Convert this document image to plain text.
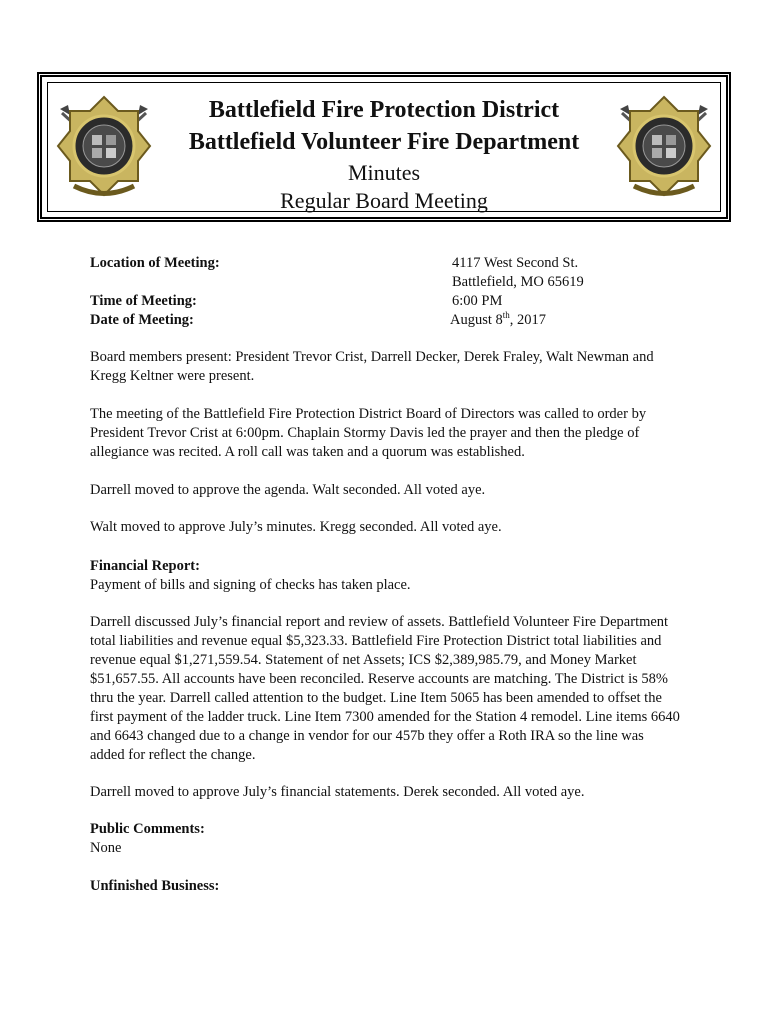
Battlefield Fire Protection District
Battlefield Volunteer Fire Department
Minutes
Regular Board Meeting
Location of Meeting:	4117 West Second St.
Battlefield, MO 65619
Time of Meeting:	6:00 PM
Date of Meeting:	August 8th, 2017
Board members present: President Trevor Crist, Darrell Decker, Derek Fraley, Walt Newman and Kregg Keltner were present.
The meeting of the Battlefield Fire Protection District Board of Directors was called to order by President Trevor Crist at 6:00pm. Chaplain Stormy Davis led the prayer and then the pledge of allegiance was recited. A roll call was taken and a quorum was established.
Darrell moved to approve the agenda. Walt seconded. All voted aye.
Walt moved to approve July’s minutes. Kregg seconded. All voted aye.
Financial Report:
Payment of bills and signing of checks has taken place.
Darrell discussed July’s financial report and review of assets. Battlefield Volunteer Fire Department total liabilities and revenue equal $5,323.33. Battlefield Fire Protection District total liabilities and revenue equal $1,271,559.54. Statement of net Assets; ICS $2,389,985.79, and Money Market $51,657.55. All accounts have been reconciled. Reserve accounts are matching. The District is 58% thru the year. Darrell called attention to the budget. Line Item 5065 has been amended to offset the first payment of the ladder truck. Line Item 7300 amended for the Station 4 remodel. Line items 6640 and 6643 changed due to a change in vendor for our 457b they offer a Roth IRA so the line was added for reflect the change.
Darrell moved to approve July’s financial statements. Derek seconded. All voted aye.
Public Comments:
None
Unfinished Business:
